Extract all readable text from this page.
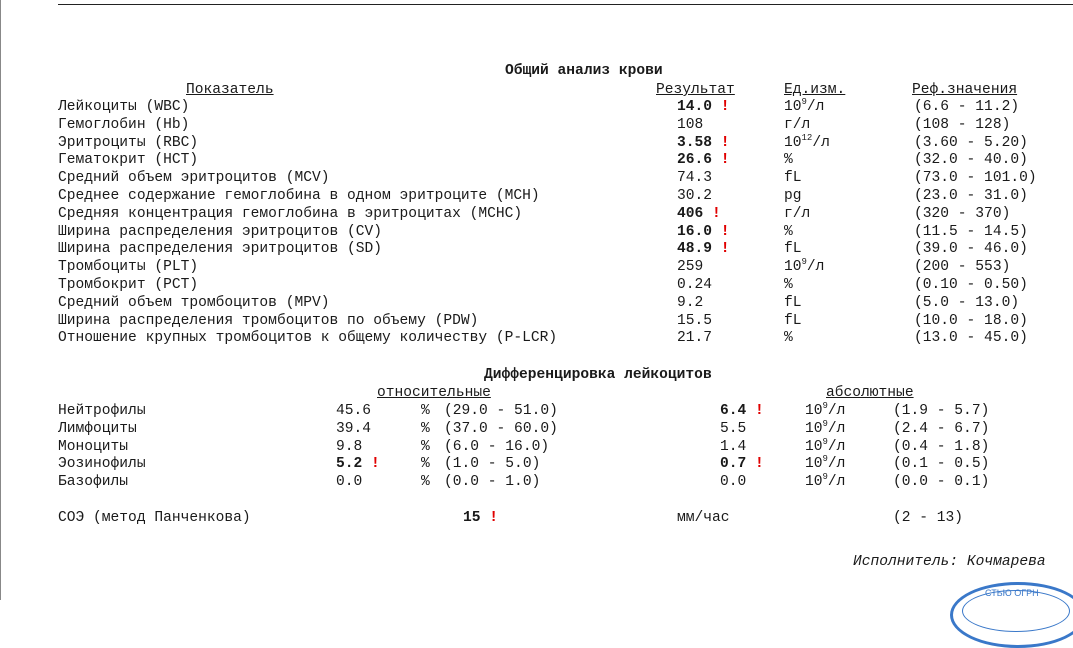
Общий анализ крови
Показатель	Результат	Ед.изм.	Реф.значения
Лейкоциты (WBC)	14.0 !	$10^9/л$	(6.6 - 11.2)
Гемоглобин (Hb)	108	г/л	(108 - 128)
Эритроциты (RBC)	3.58 !	$10^{12}/л$	(3.60 - 5.20)
Гематокрит (HCT)	26.6 !	%	(32.0 - 40.0)
Средний объем эритроцитов (MCV)	74.3	fL	(73.0 - 101.0)
Среднее содержание гемоглобина в одном эритроците (MCH)	30.2	pg	(23.0 - 31.0)
Средняя концентрация гемоглобина в эритроцитах (MCHC)	406 !	г/л	(320 - 370)
Ширина распределения эритроцитов (CV)	16.0 !	%	(11.5 - 14.5)
Ширина распределения эритроцитов (SD)	48.9 !	fL	(39.0 - 46.0)
Тромбоциты (PLT)	259	$10^9/л$	(200 - 553)
Тромбокрит (PCT)	0.24	%	(0.10 - 0.50)
Средний объем тромбоцитов (MPV)	9.2	fL	(5.0 - 13.0)
Ширина распределения тромбоцитов по объему (PDW)	15.5	fL	(10.0 - 18.0)
Отношение крупных тромбоцитов к общему количеству (P-LCR)	21.7	%	(13.0 - 45.0)
Дифференцировка лейкоцитов
относительные	абсолютные
Нейтрофилы	45.6	% (29.0 - 51.0)	6.4 !	$10^9/л$	(1.9 - 5.7)
Лимфоциты	39.4	% (37.0 - 60.0)	5.5	$10^9/л$	(2.4 - 6.7)
Моноциты	9.8	% (6.0 - 16.0)	1.4	$10^9/л$	(0.4 - 1.8)
Эозинофилы	5.2 !	% (1.0 - 5.0)	0.7 !	$10^9/л$	(0.1 - 0.5)
Базофилы	0.0	% (0.0 - 1.0)	0.0	$10^9/л$	(0.0 - 0.1)
СОЭ (метод Панченкова)	15 !	мм/час	(2 - 13)
Исполнитель: Кочмарева
СТЬЮ ОГРН
